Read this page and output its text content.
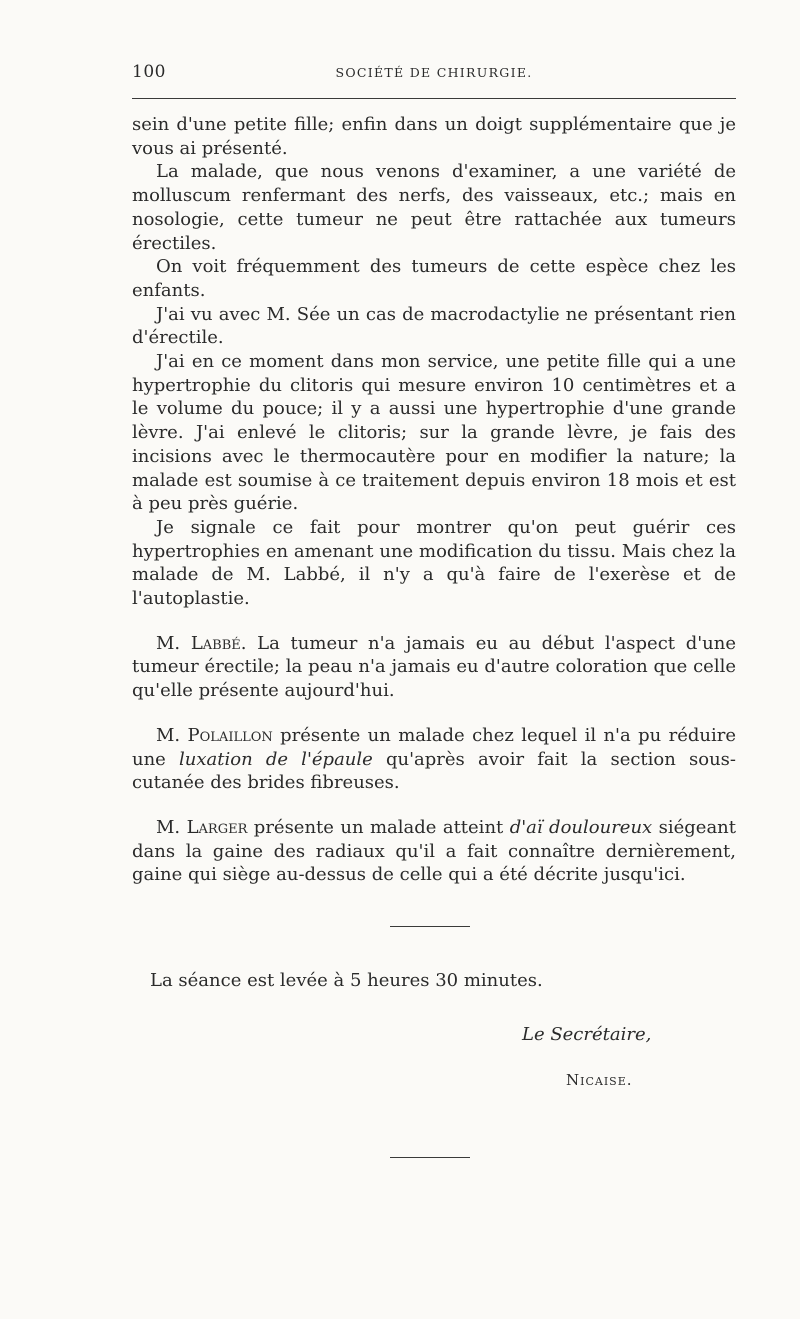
100	SOCIÉTÉ DE CHIRURGIE.

sein d'une petite fille; enfin dans un doigt supplémentaire que je vous ai présenté.

La malade, que nous venons d'examiner, a une variété de molluscum renfermant des nerfs, des vaisseaux, etc.; mais en nosologie, cette tumeur ne peut être rattachée aux tumeurs érectiles.

On voit fréquemment des tumeurs de cette espèce chez les enfants.

J'ai vu avec M. Sée un cas de macrodactylie ne présentant rien d'érectile.

J'ai en ce moment dans mon service, une petite fille qui a une hypertrophie du clitoris qui mesure environ 10 centimètres et a le volume du pouce; il y a aussi une hypertrophie d'une grande lèvre. J'ai enlevé le clitoris; sur la grande lèvre, je fais des incisions avec le thermocautère pour en modifier la nature; la malade est soumise à ce traitement depuis environ 18 mois et est à peu près guérie.

Je signale ce fait pour montrer qu'on peut guérir ces hypertrophies en amenant une modification du tissu. Mais chez la malade de M. Labbé, il n'y a qu'à faire de l'exerèse et de l'autoplastie.

M. Labbé. La tumeur n'a jamais eu au début l'aspect d'une tumeur érectile; la peau n'a jamais eu d'autre coloration que celle qu'elle présente aujourd'hui.

M. Polaillon présente un malade chez lequel il n'a pu réduire une luxation de l'épaule qu'après avoir fait la section sous-cutanée des brides fibreuses.

M. Larger présente un malade atteint d'aï douloureux siégeant dans la gaine des radiaux qu'il a fait connaître dernièrement, gaine qui siège au-dessus de celle qui a été décrite jusqu'ici.

La séance est levée à 5 heures 30 minutes.
Le Secrétaire,
Nicaise.
